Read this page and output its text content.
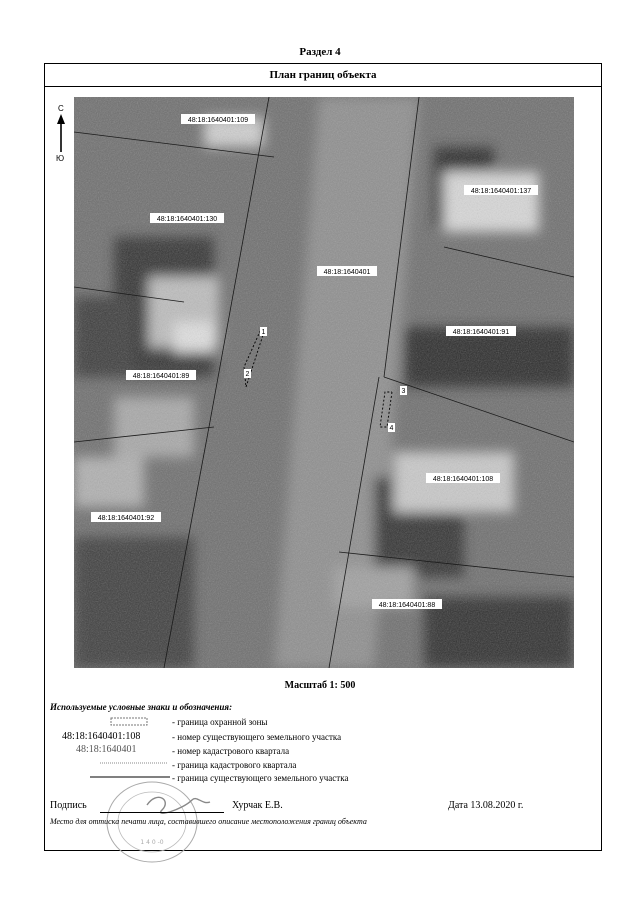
Раздел 4
План границ объекта
48:18:1640401:109
48:18:1640401:130
48:18:1640401:137
48:18:1640401
48:18:1640401:91
48:18:1640401:89
48:18:1640401:108
48:18:1640401:92
48:18:1640401:88
1
2
3
4
С
Ю
Масштаб 1: 500
Используемые условные знаки и обозначения:
- граница охранной зоны
48:18:1640401:108	- номер существующего земельного участка
48:18:1640401	- номер кадастрового квартала
- граница кадастрового квартала
- граница существующего земельного участка
1 4 0 -0
Подпись	Хурчак Е.В.	Дата 13.08.2020 г.
Место для оттиска печати лица, составившего описание местоположения границ объекта
